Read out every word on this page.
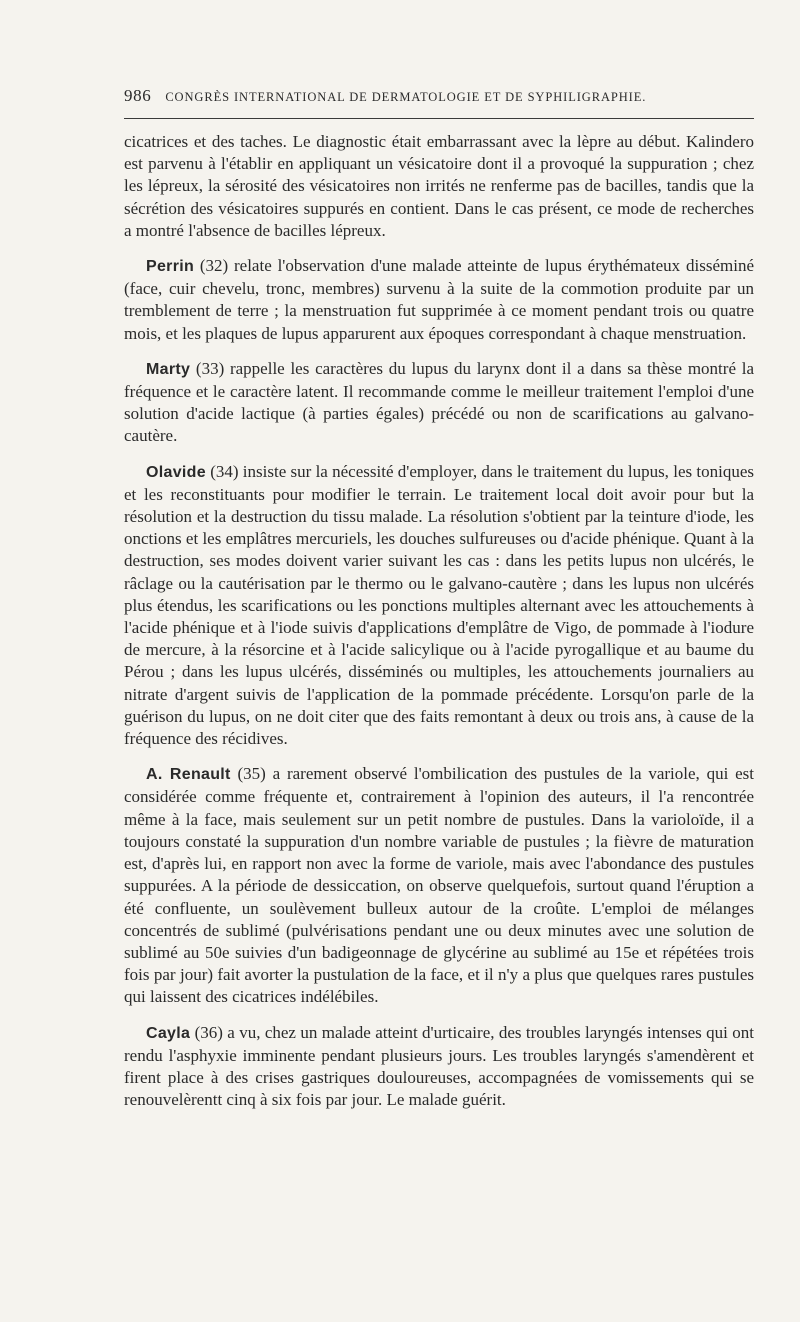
986 CONGRÈS INTERNATIONAL DE DERMATOLOGIE ET DE SYPHILIGRAPHIE.

cicatrices et des taches. Le diagnostic était embarrassant avec la lèpre au début. Kalindero est parvenu à l'établir en appliquant un vésicatoire dont il a provoqué la suppuration ; chez les lépreux, la sérosité des vésicatoires non irrités ne renferme pas de bacilles, tandis que la sécrétion des vésicatoires suppurés en contient. Dans le cas présent, ce mode de recherches a montré l'absence de bacilles lépreux.

Perrin (32) relate l'observation d'une malade atteinte de lupus érythémateux disséminé (face, cuir chevelu, tronc, membres) survenu à la suite de la commotion produite par un tremblement de terre ; la menstruation fut supprimée à ce moment pendant trois ou quatre mois, et les plaques de lupus apparurent aux époques correspondant à chaque menstruation.

Marty (33) rappelle les caractères du lupus du larynx dont il a dans sa thèse montré la fréquence et le caractère latent. Il recommande comme le meilleur traitement l'emploi d'une solution d'acide lactique (à parties égales) précédé ou non de scarifications au galvano-cautère.

Olavide (34) insiste sur la nécessité d'employer, dans le traitement du lupus, les toniques et les reconstituants pour modifier le terrain. Le traitement local doit avoir pour but la résolution et la destruction du tissu malade. La résolution s'obtient par la teinture d'iode, les onctions et les emplâtres mercuriels, les douches sulfureuses ou d'acide phénique. Quant à la destruction, ses modes doivent varier suivant les cas : dans les petits lupus non ulcérés, le râclage ou la cautérisation par le thermo ou le galvano-cautère ; dans les lupus non ulcérés plus étendus, les scarifications ou les ponctions multiples alternant avec les attouchements à l'acide phénique et à l'iode suivis d'applications d'emplâtre de Vigo, de pommade à l'iodure de mercure, à la résorcine et à l'acide salicylique ou à l'acide pyrogallique et au baume du Pérou ; dans les lupus ulcérés, disséminés ou multiples, les attouchements journaliers au nitrate d'argent suivis de l'application de la pommade précédente. Lorsqu'on parle de la guérison du lupus, on ne doit citer que des faits remontant à deux ou trois ans, à cause de la fréquence des récidives.

A. Renault (35) a rarement observé l'ombilication des pustules de la variole, qui est considérée comme fréquente et, contrairement à l'opinion des auteurs, il l'a rencontrée même à la face, mais seulement sur un petit nombre de pustules. Dans la varioloïde, il a toujours constaté la suppuration d'un nombre variable de pustules ; la fièvre de maturation est, d'après lui, en rapport non avec la forme de variole, mais avec l'abondance des pustules suppurées. A la période de dessiccation, on observe quelquefois, surtout quand l'éruption a été confluente, un soulèvement bulleux autour de la croûte. L'emploi de mélanges concentrés de sublimé (pulvérisations pendant une ou deux minutes avec une solution de sublimé au 50e suivies d'un badigeonnage de glycérine au sublimé au 15e et répétées trois fois par jour) fait avorter la pustulation de la face, et il n'y a plus que quelques rares pustules qui laissent des cicatrices indélébiles.

Cayla (36) a vu, chez un malade atteint d'urticaire, des troubles laryngés intenses qui ont rendu l'asphyxie imminente pendant plusieurs jours. Les troubles laryngés s'amendèrent et firent place à des crises gastriques douloureuses, accompagnées de vomissements qui se renouvelèrentt cinq à six fois par jour. Le malade guérit.
